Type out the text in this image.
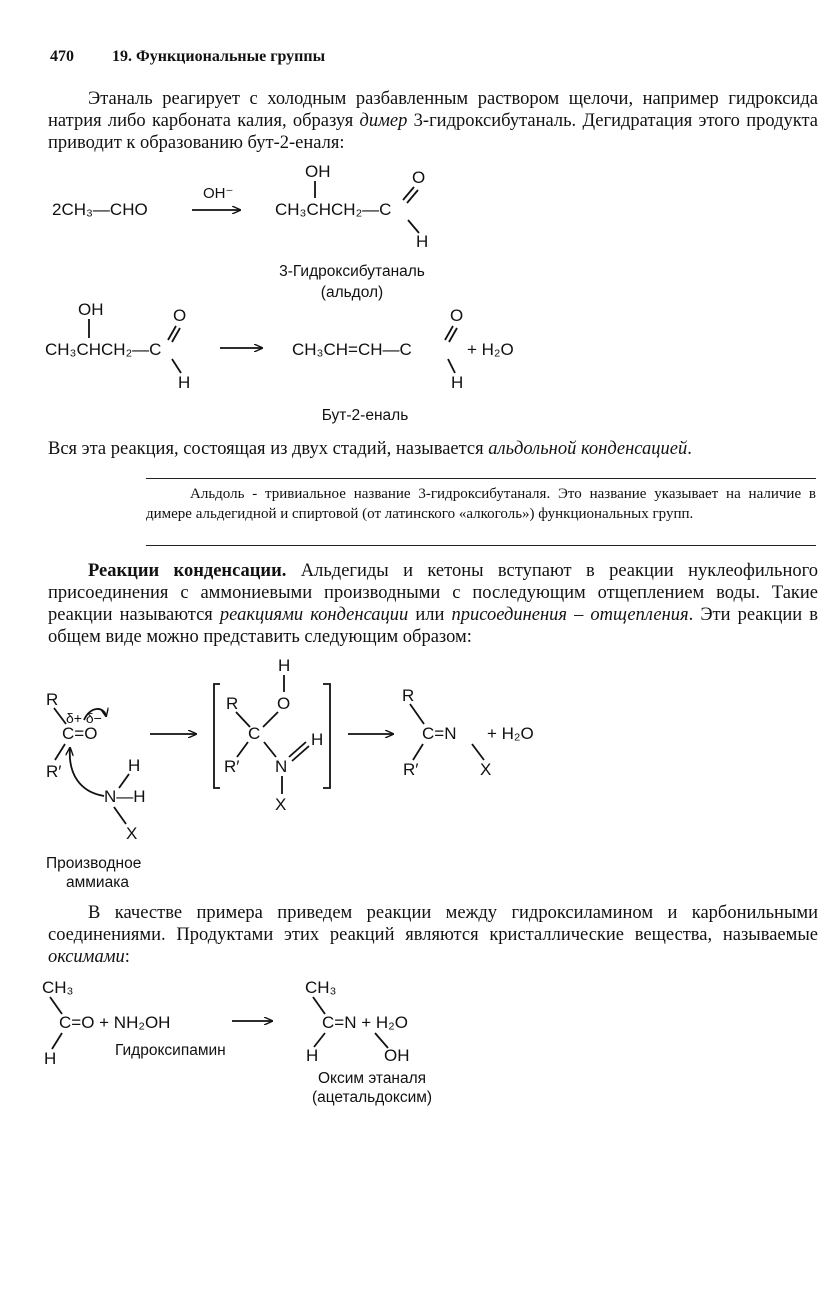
470 19. Функциональные группы
Этаналь реагирует с холодным разбавленным раствором щелочи, например гидроксида натрия либо карбоната калия, образуя димер 3-гидроксибутаналь. Дегидратация этого продукта приводит к образованию бут-2-еналя:
2CH₃—CHO
OH⁻
OH	O
CH₃CHCH₂—C
H
3-Гидроксибутаналь
(альдол)
OH	O
CH₃CHCH₂—C
H
O
CH₃CH=CH—C	+ H₂O
H
Бут-2-еналь
Вся эта реакция, состоящая из двух стадий, называется альдольной конденсацией.
Альдоль - тривиальное название 3-гидроксибутаналя. Это название указывает на наличие в димере альдегидной и спиртовой (от латинского «алкоголь») функциональных групп.
Реакции конденсации. Альдегиды и кетоны вступают в реакции нуклеофильного присоединения с аммониевыми производными с последующим отщеплением воды. Такие реакции называются реакциями конденсации или присоединения – отщепления. Эти реакции в общем виде можно представить следующим образом:
R
δ+ δ−
C=O
R′	H
N—H
X
Производное
аммиака
H
R O
C	H
R′ N
X
R
C=N + H₂O
R′	X
В качестве примера приведем реакции между гидроксиламином и карбонильными соединениями. Продуктами этих реакций являются кристаллические вещества, называемые оксимами:
CH₃
C=O + NH₂OH
H	Гидроксипамин
CH₃
C=N + H₂O
H	OH
Оксим этаналя
(ацетальдоксим)
